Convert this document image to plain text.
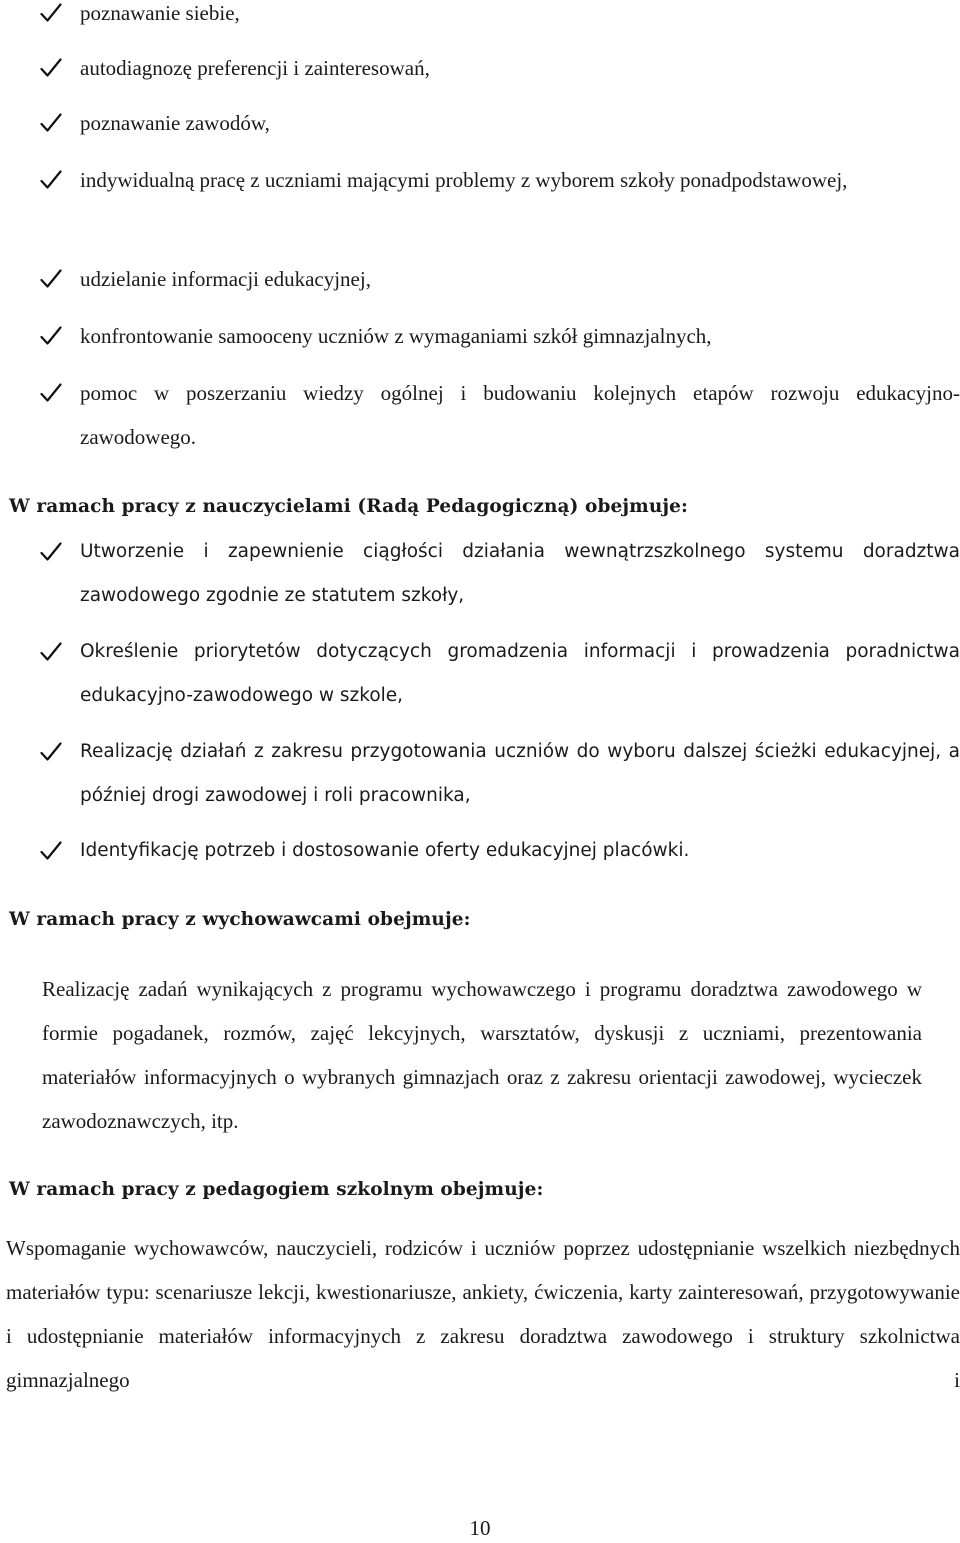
poznawanie siebie,
autodiagnozę preferencji i zainteresowań,
poznawanie zawodów,
indywidualną pracę z uczniami mającymi problemy z wyborem szkoły ponadpodstawowej,
udzielanie informacji edukacyjnej,
konfrontowanie samooceny uczniów z wymaganiami szkół gimnazjalnych,
pomoc w poszerzaniu wiedzy ogólnej i budowaniu kolejnych etapów rozwoju edukacyjno- zawodowego.
W ramach pracy z nauczycielami (Radą Pedagogiczną) obejmuje:
Utworzenie i zapewnienie ciągłości działania wewnątrzszkolnego systemu doradztwa zawodowego zgodnie ze statutem szkoły,
Określenie priorytetów dotyczących gromadzenia informacji i prowadzenia poradnictwa edukacyjno-zawodowego w szkole,
Realizację działań z zakresu przygotowania uczniów do wyboru dalszej ścieżki edukacyjnej, a później drogi zawodowej i roli pracownika,
Identyfikację potrzeb i dostosowanie oferty edukacyjnej placówki.
W ramach pracy z wychowawcami obejmuje:
Realizację zadań wynikających z programu wychowawczego i programu doradztwa zawodowego w formie pogadanek, rozmów, zajęć lekcyjnych, warsztatów, dyskusji z uczniami, prezentowania materiałów informacyjnych o wybranych gimnazjach oraz z zakresu orientacji zawodowej, wycieczek zawodoznawczych, itp.
W ramach pracy z pedagogiem szkolnym obejmuje:
Wspomaganie wychowawców, nauczycieli, rodziców i uczniów poprzez udostępnianie wszelkich niezbędnych materiałów typu: scenariusze lekcji, kwestionariusze, ankiety, ćwiczenia, karty zainteresowań, przygotowywanie i udostępnianie materiałów informacyjnych z zakresu doradztwa zawodowego i struktury szkolnictwa gimnazjalnego i
10
